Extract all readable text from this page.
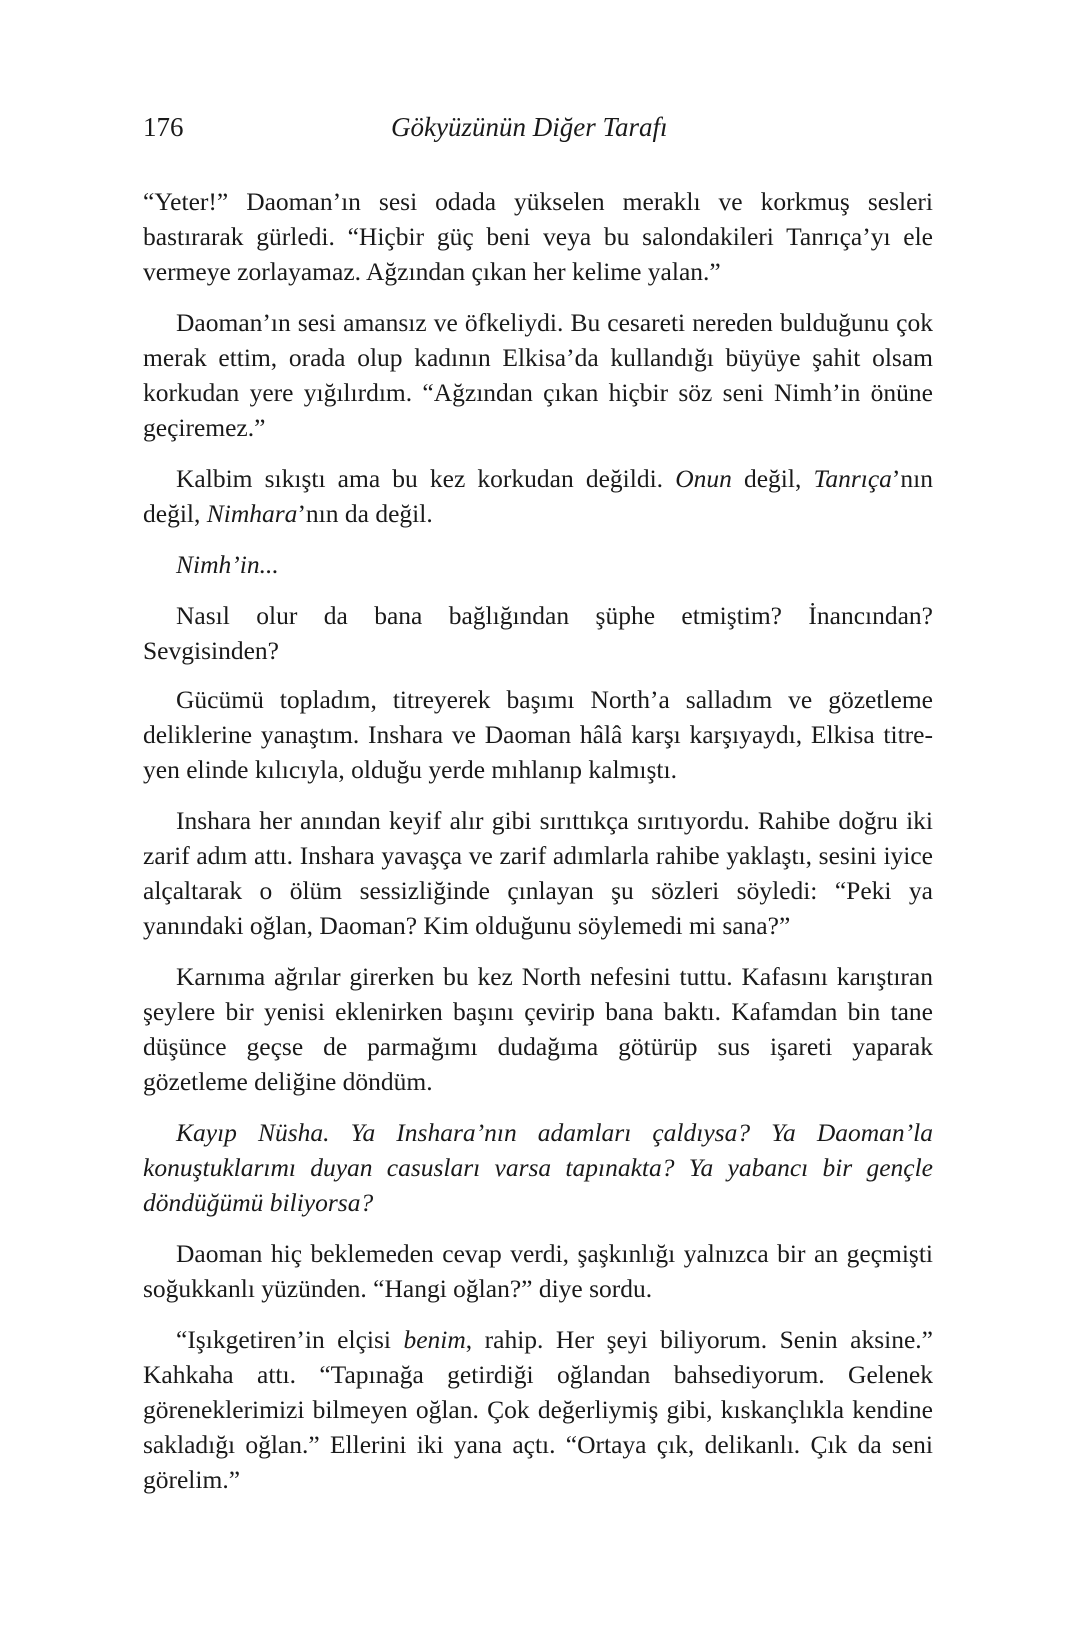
176	Gökyüzünün Diğer Tarafı

“Yeter!” Daoman’ın sesi odada yükselen meraklı ve korkmuş sesleri bastırarak gürledi. “Hiçbir güç beni veya bu salondakileri Tanrıça’yı ele vermeye zorlayamaz. Ağzından çıkan her kelime yalan.”

Daoman’ın sesi amansız ve öfkeliydi. Bu cesareti nereden bulduğunu çok merak ettim, orada olup kadının Elkisa’da kullandığı büyüye şahit olsam korkudan yere yığılırdım. “Ağzından çıkan hiçbir söz seni Nimh’in önüne geçiremez.”

Kalbim sıkıştı ama bu kez korkudan değildi. Onun değil, Tanrıça’nın değil, Nimhara’nın da değil.

Nimh’in...

Nasıl olur da bana bağlığından şüphe etmiştim? İnancından? Sevgisinden?

Gücümü topladım, titreyerek başımı North’a salladım ve gözetleme deliklerine yanaştım. Inshara ve Daoman hâlâ karşı karşıyaydı, Elkisa titreyen elinde kılıcıyla, olduğu yerde mıhlanıp kalmıştı.

Inshara her anından keyif alır gibi sırıttıkça sırıtıyordu. Rahibe doğru iki zarif adım attı. Inshara yavaşça ve zarif adımlarla rahibe yaklaştı, sesini iyice alçaltarak o ölüm sessizliğinde çınlayan şu sözleri söyledi: “Peki ya yanındaki oğlan, Daoman? Kim olduğunu söylemedi mi sana?”

Karnıma ağrılar girerken bu kez North nefesini tuttu. Kafasını karıştıran şeylere bir yenisi eklenirken başını çevirip bana baktı. Kafamdan bin tane düşünce geçse de parmağımı dudağıma götürüp sus işareti yaparak gözetleme deliğine döndüm.

Kayıp Nüsha. Ya Inshara’nın adamları çaldıysa? Ya Daoman’la konuştuklarımı duyan casusları varsa tapınakta? Ya yabancı bir gençle döndüğümü biliyorsa?

Daoman hiç beklemeden cevap verdi, şaşkınlığı yalnızca bir an geçmişti soğukkanlı yüzünden. “Hangi oğlan?” diye sordu.

“Işıkgetiren’in elçisi benim, rahip. Her şeyi biliyorum. Senin aksine.” Kahkaha attı. “Tapınağa getirdiği oğlandan bahsediyorum. Gelenek göreneklerimizi bilmeyen oğlan. Çok değerliymiş gibi, kıskançlıkla kendine sakladığı oğlan.” Ellerini iki yana açtı. “Ortaya çık, delikanlı. Çık da seni görelim.”
